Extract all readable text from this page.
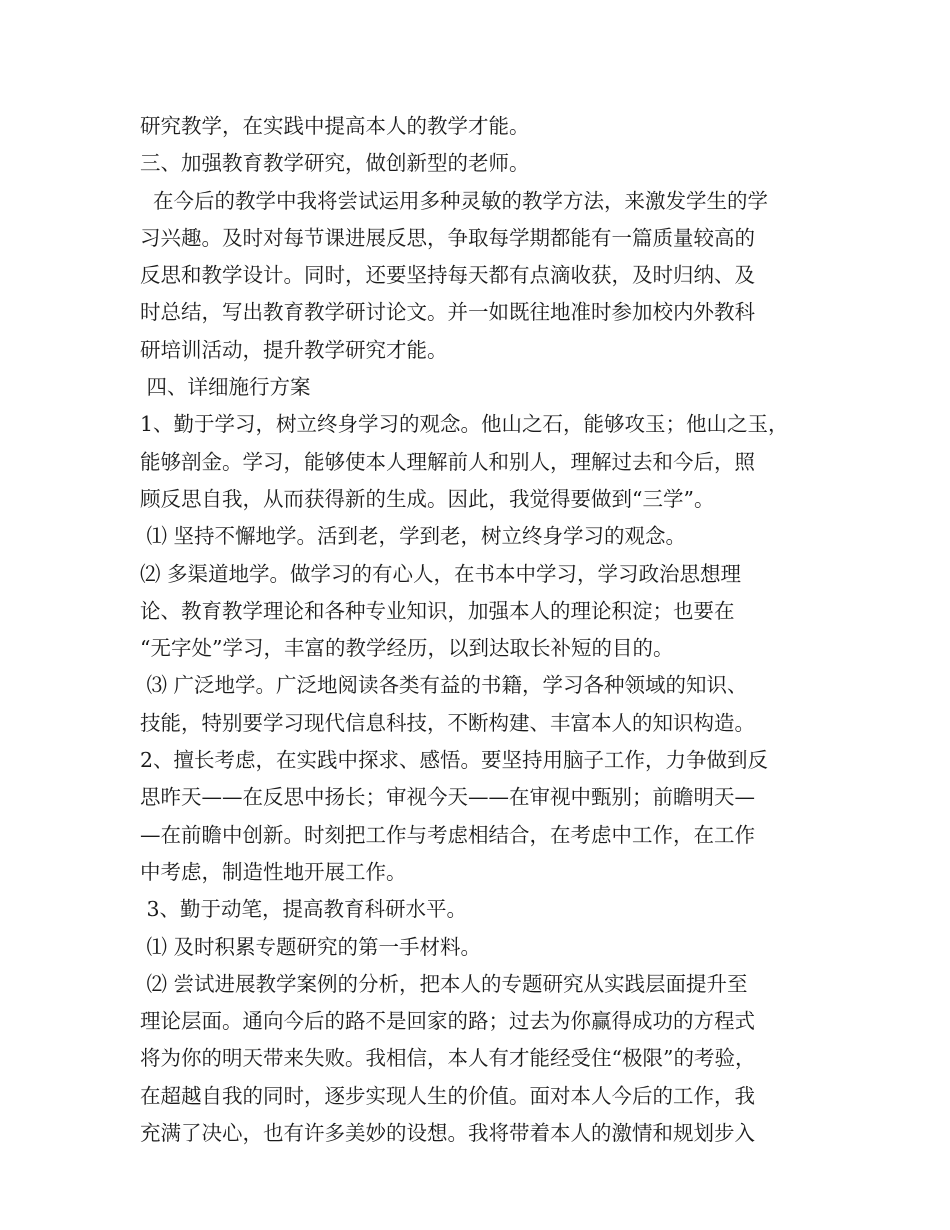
研究教学，在实践中提高本人的教学才能。
三、加强教育教学研究，做创新型的老师。
在今后的教学中我将尝试运用多种灵敏的教学方法，来激发学生的学
习兴趣。及时对每节课进展反思，争取每学期都能有一篇质量较高的
反思和教学设计。同时，还要坚持每天都有点滴收获，及时归纳、及
时总结，写出教育教学研讨论文。并一如既往地准时参加校内外教科
研培训活动，提升教学研究才能。
四、详细施行方案
1、勤于学习，树立终身学习的观念。他山之石，能够攻玉；他山之玉，
能够剖金。学习，能够使本人理解前人和别人，理解过去和今后，照
顾反思自我，从而获得新的生成。因此，我觉得要做到“三学”。
⑴ 坚持不懈地学。活到老，学到老，树立终身学习的观念。
⑵ 多渠道地学。做学习的有心人，在书本中学习，学习政治思想理
论、教育教学理论和各种专业知识，加强本人的理论积淀；也要在
“无字处”学习，丰富的教学经历，以到达取长补短的目的。
⑶ 广泛地学。广泛地阅读各类有益的书籍，学习各种领域的知识、
技能，特别要学习现代信息科技，不断构建、丰富本人的知识构造。
2、擅长考虑，在实践中探求、感悟。要坚持用脑子工作，力争做到反
思昨天——在反思中扬长；审视今天——在审视中甄别；前瞻明天—
—在前瞻中创新。时刻把工作与考虑相结合，在考虑中工作，在工作
中考虑，制造性地开展工作。
3、勤于动笔，提高教育科研水平。
⑴ 及时积累专题研究的第一手材料。
⑵ 尝试进展教学案例的分析，把本人的专题研究从实践层面提升至
理论层面。通向今后的路不是回家的路；过去为你赢得成功的方程式
将为你的明天带来失败。我相信，本人有才能经受住“极限”的考验，
在超越自我的同时，逐步实现人生的价值。面对本人今后的工作，我
充满了决心，也有许多美妙的设想。我将带着本人的激情和规划步入
